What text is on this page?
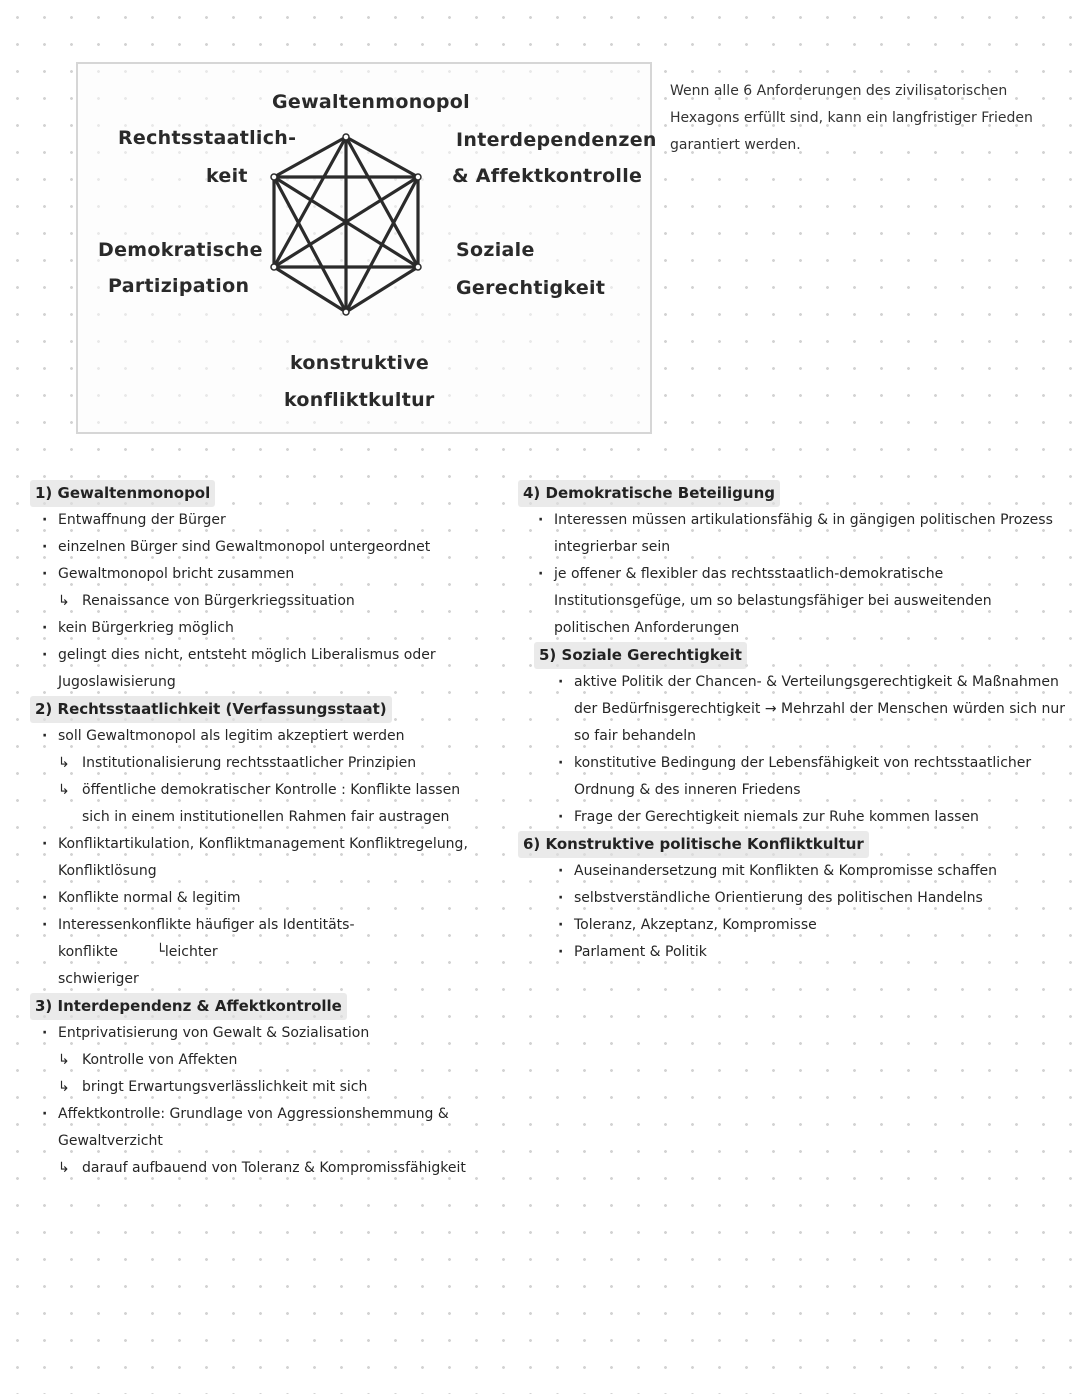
Gewaltenmonopol
Rechtsstaatlich-
keit
Interdependenzen
& Affektkontrolle
Demokratische
Partizipation
Soziale
Gerechtigkeit
konstruktive
konfliktkultur
Wenn alle 6 Anforderungen des zivilisatorischen Hexagons erfüllt sind, kann ein langfristiger Frieden garantiert werden.
1) Gewaltenmonopol
· Entwaffnung der Bürger
· einzelnen Bürger sind Gewaltmonopol untergeordnet
· Gewaltmonopol bricht zusammen
↳ Renaissance von Bürgerkriegssituation
· kein Bürgerkrieg möglich
· gelingt dies nicht, entsteht möglich Liberalismus oder Jugoslawisierung
2) Rechtsstaatlichkeit (Verfassungsstaat)
· soll Gewaltmonopol als legitim akzeptiert werden
↳ Institutionalisierung rechtsstaatlicher Prinzipien
↳ öffentliche demokratischer Kontrolle : Konflikte lassen sich in einem institutionellen Rahmen fair austragen
· Konfliktartikulation, Konfliktmanagement Konfliktregelung, Konfliktlösung
· Konflikte normal & legitim
· Interessenkonflikte häufiger als Identitäts-
konflikte	└leichter
schwieriger
3) Interdependenz & Affektkontrolle
· Entprivatisierung von Gewalt & Sozialisation
↳ Kontrolle von Affekten
↳ bringt Erwartungsverlässlichkeit mit sich
· Affektkontrolle: Grundlage von Aggressionshemmung & Gewaltverzicht
↳ darauf aufbauend von Toleranz & Kompromissfähigkeit
4) Demokratische Beteiligung
· Interessen müssen artikulationsfähig & in gängigen politischen Prozess integrierbar sein
· je offener & flexibler das rechtsstaatlich-demokratische Institutionsgefüge, um so belastungsfähiger bei ausweitenden politischen Anforderungen
5) Soziale Gerechtigkeit
· aktive Politik der Chancen- & Verteilungsgerechtigkeit & Maßnahmen der Bedürfnisgerechtigkeit → Mehrzahl der Menschen würden sich nur so fair behandeln
· konstitutive Bedingung der Lebensfähigkeit von rechtsstaatlicher Ordnung & des inneren Friedens
· Frage der Gerechtigkeit niemals zur Ruhe kommen lassen
6) Konstruktive politische Konfliktkultur
· Auseinandersetzung mit Konflikten & Kompromisse schaffen
· selbstverständliche Orientierung des politischen Handelns
· Toleranz, Akzeptanz, Kompromisse
· Parlament & Politik
